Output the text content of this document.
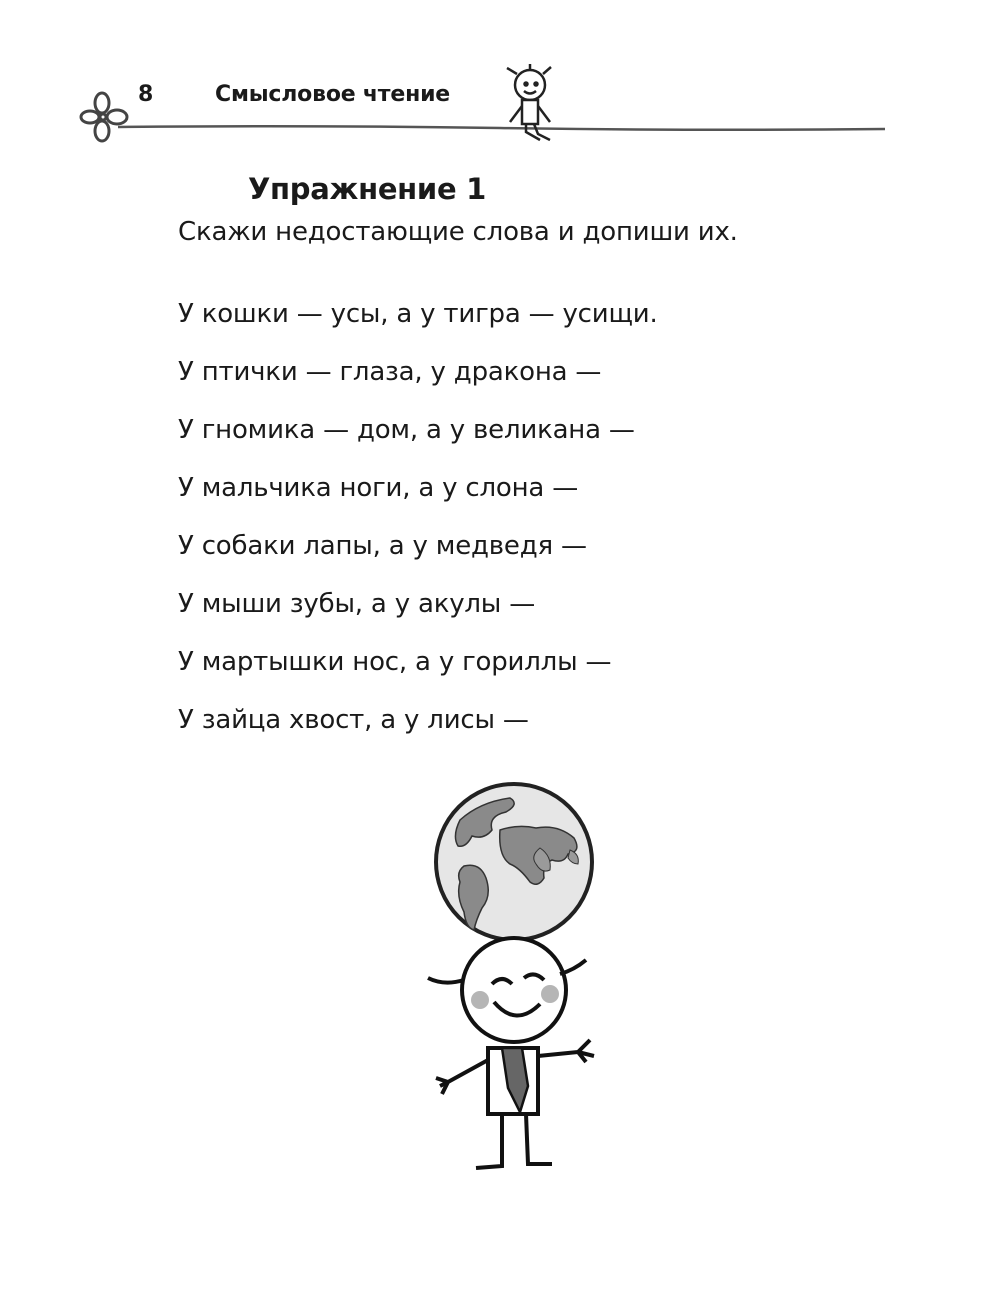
8	Смысловое чтение
Упражнение 1
Скажи недостающие слова и допиши их.
У кошки — усы, а у тигра — усищи.
У птички — глаза, у дракона —
У гномика — дом, а у великана —
У мальчика ноги, а у слона —
У собаки лапы, а у медведя —
У мыши зубы, а у акулы —
У мартышки нос, а у гориллы —
У зайца хвост, а у лисы —
